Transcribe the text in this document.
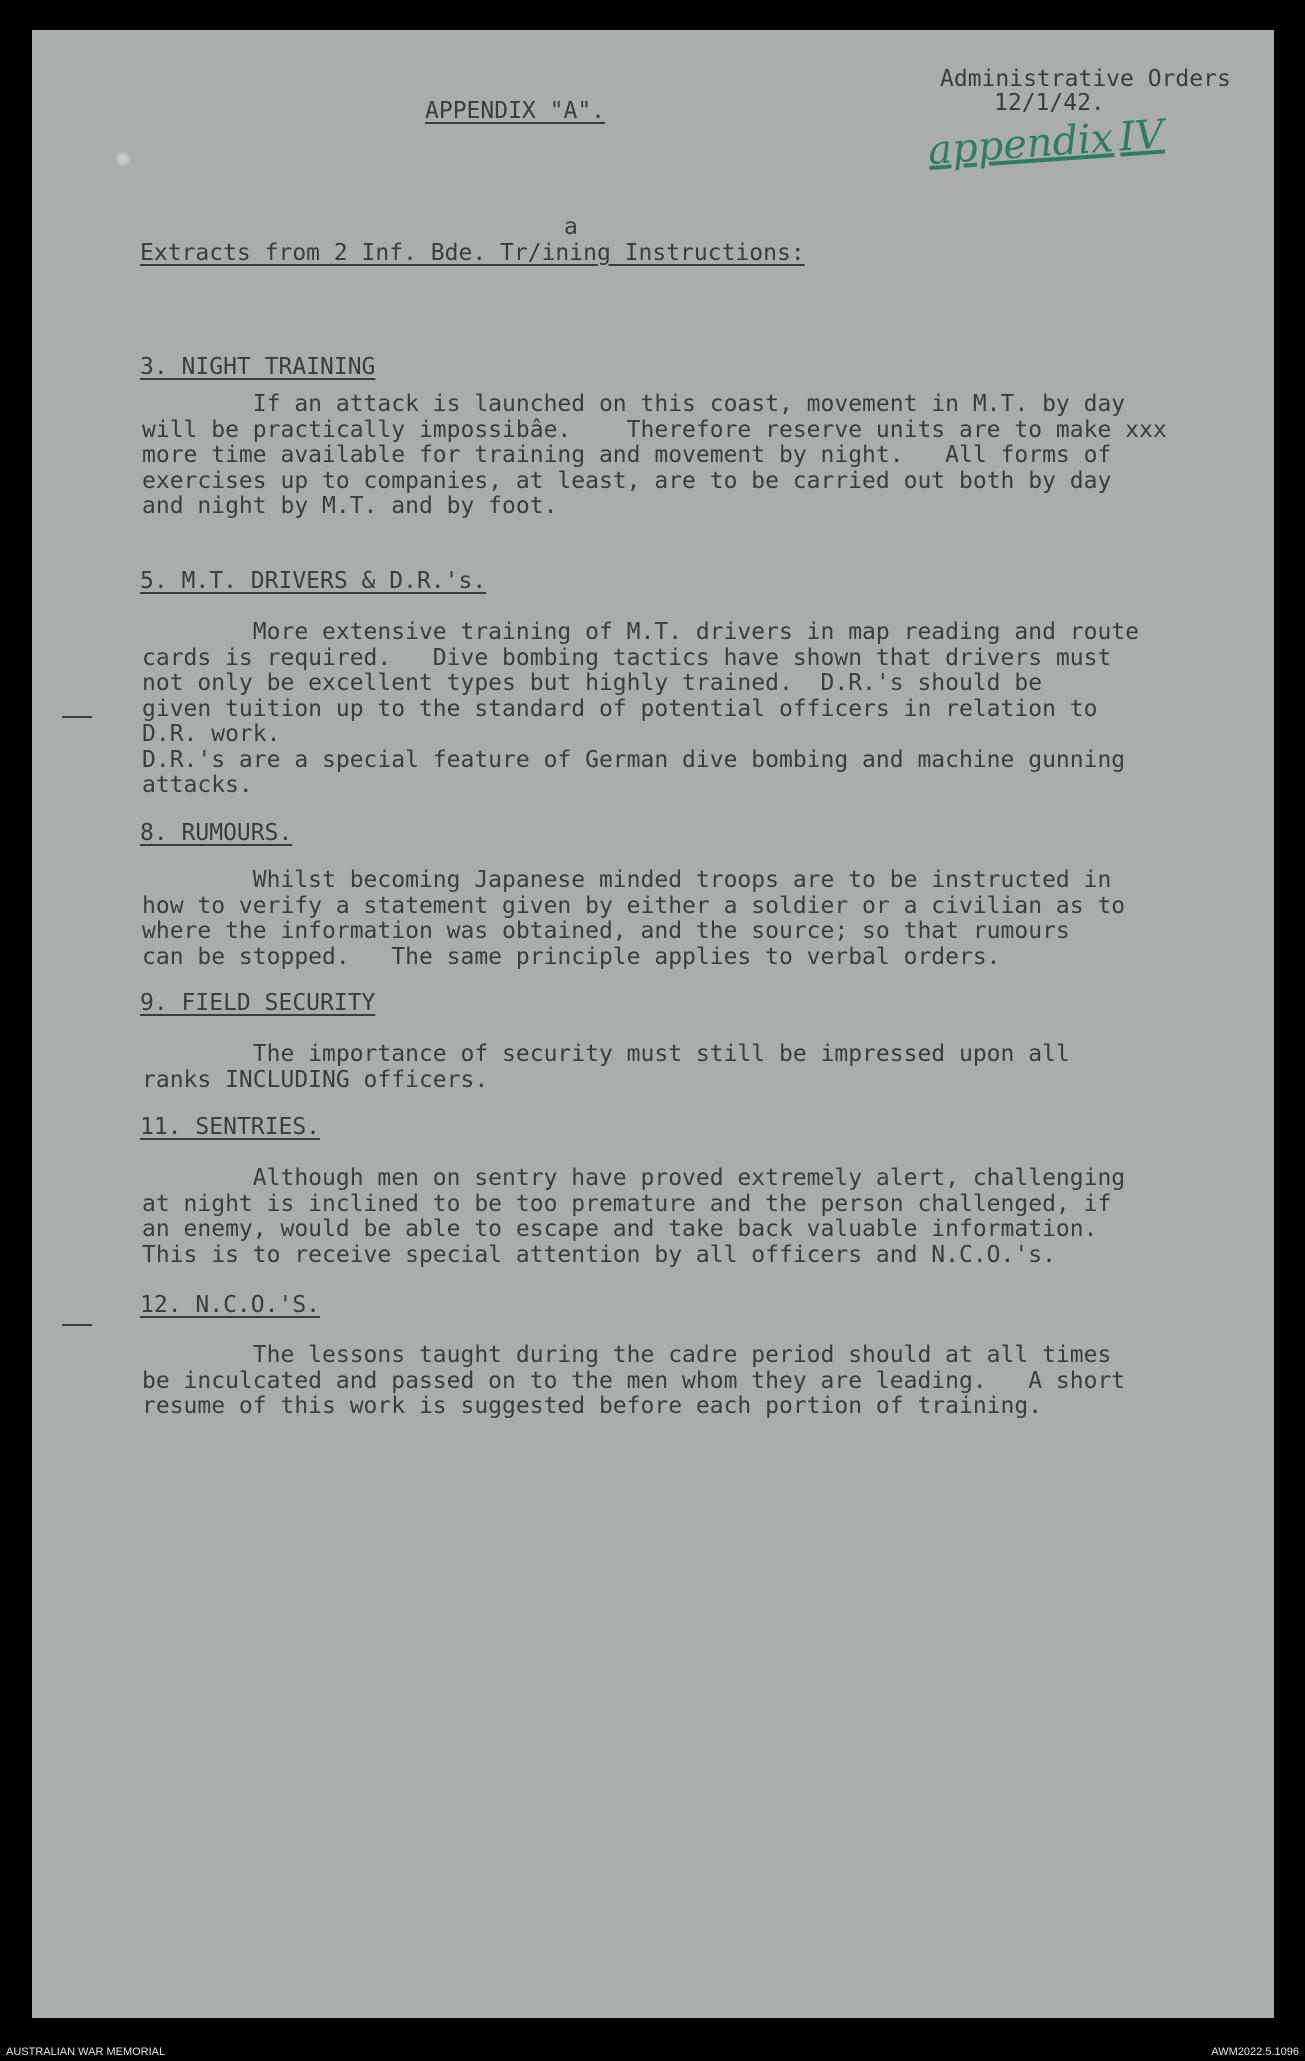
APPENDIX "A".
Administrative Orders
12/1/42.
appendixIV
a
Extracts from 2 Inf. Bde. Tr/ining Instructions:
3. NIGHT TRAINING
If an attack is launched on this coast, movement in M.T. by day
will be practically impossibâe.    Therefore reserve units are to make xxx
more time available for training and movement by night.   All forms of
exercises up to companies, at least, are to be carried out both by day
and night by M.T. and by foot.
5. M.T. DRIVERS & D.R.'s.
More extensive training of M.T. drivers in map reading and route
cards is required.   Dive bombing tactics have shown that drivers must
not only be excellent types but highly trained.  D.R.'s should be
given tuition up to the standard of potential officers in relation to
D.R. work.
D.R.'s are a special feature of German dive bombing and machine gunning
attacks.
8. RUMOURS.
Whilst becoming Japanese minded troops are to be instructed in
how to verify a statement given by either a soldier or a civilian as to
where the information was obtained, and the source; so that rumours
can be stopped.   The same principle applies to verbal orders.
9. FIELD SECURITY
The importance of security must still be impressed upon all
ranks INCLUDING officers.
11. SENTRIES.
Although men on sentry have proved extremely alert, challenging
at night is inclined to be too premature and the person challenged, if
an enemy, would be able to escape and take back valuable information.
This is to receive special attention by all officers and N.C.O.'s.
12. N.C.O.'S.
The lessons taught during the cadre period should at all times
be inculcated and passed on to the men whom they are leading.   A short
resume of this work is suggested before each portion of training.
AUSTRALIAN WAR MEMORIAL	AWM2022.5.1096
